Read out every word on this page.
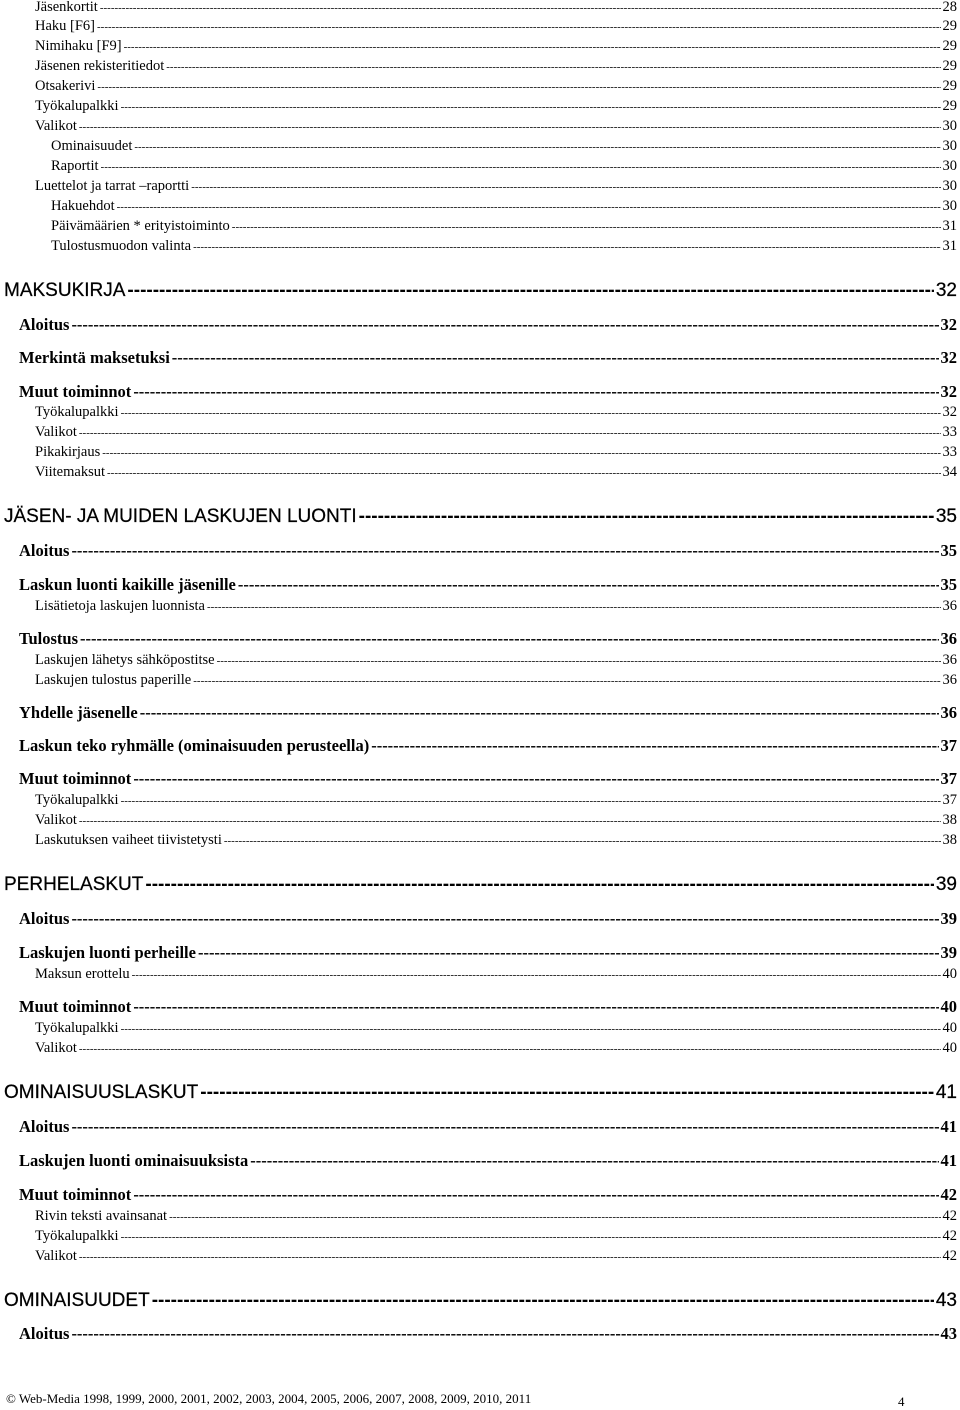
Jäsenkortit -----	28
Haku [F6] -----	29
Nimihaku [F9] -----	29
Jäsenen rekisteritiedot -----	29
Otsakerivi -----	29
Työkalupalkki -----	29
Valikot -----	30
Ominaisuudet -----	30
Raportit -----	30
Luettelot ja tarrat –raportti -----	30
Hakuehdot -----	30
Päivämäärien * erityistoiminto -----	31
Tulostusmuodon valinta -----	31
MAKSUKIRJA -----	32
Aloitus -----	32
Merkintä maksetuksi -----	32
Muut toiminnot -----	32
Työkalupalkki -----	32
Valikot -----	33
Pikakirjaus -----	33
Viitemaksut -----	34
JÄSEN- JA MUIDEN LASKUJEN LUONTI -----	35
Aloitus -----	35
Laskun luonti kaikille jäsenille -----	35
Lisätietoja laskujen luonnista -----	36
Tulostus -----	36
Laskujen lähetys sähköpostitse -----	36
Laskujen tulostus paperille -----	36
Yhdelle jäsenelle -----	36
Laskun teko ryhmälle (ominaisuuden perusteella) -----	37
Muut toiminnot -----	37
Työkalupalkki -----	37
Valikot -----	38
Laskutuksen vaiheet tiivistetysti -----	38
PERHELASKUT -----	39
Aloitus -----	39
Laskujen luonti perheille -----	39
Maksun erottelu -----	40
Muut toiminnot -----	40
Työkalupalkki -----	40
Valikot -----	40
OMINAISUUSLASKUT -----	41
Aloitus -----	41
Laskujen luonti ominaisuuksista -----	41
Muut toiminnot -----	42
Rivin teksti avainsanat -----	42
Työkalupalkki -----	42
Valikot -----	42
OMINAISUUDET -----	43
Aloitus -----	43
© Web-Media 1998, 1999, 2000, 2001, 2002, 2003, 2004, 2005, 2006, 2007, 2008, 2009, 2010, 2011	4
